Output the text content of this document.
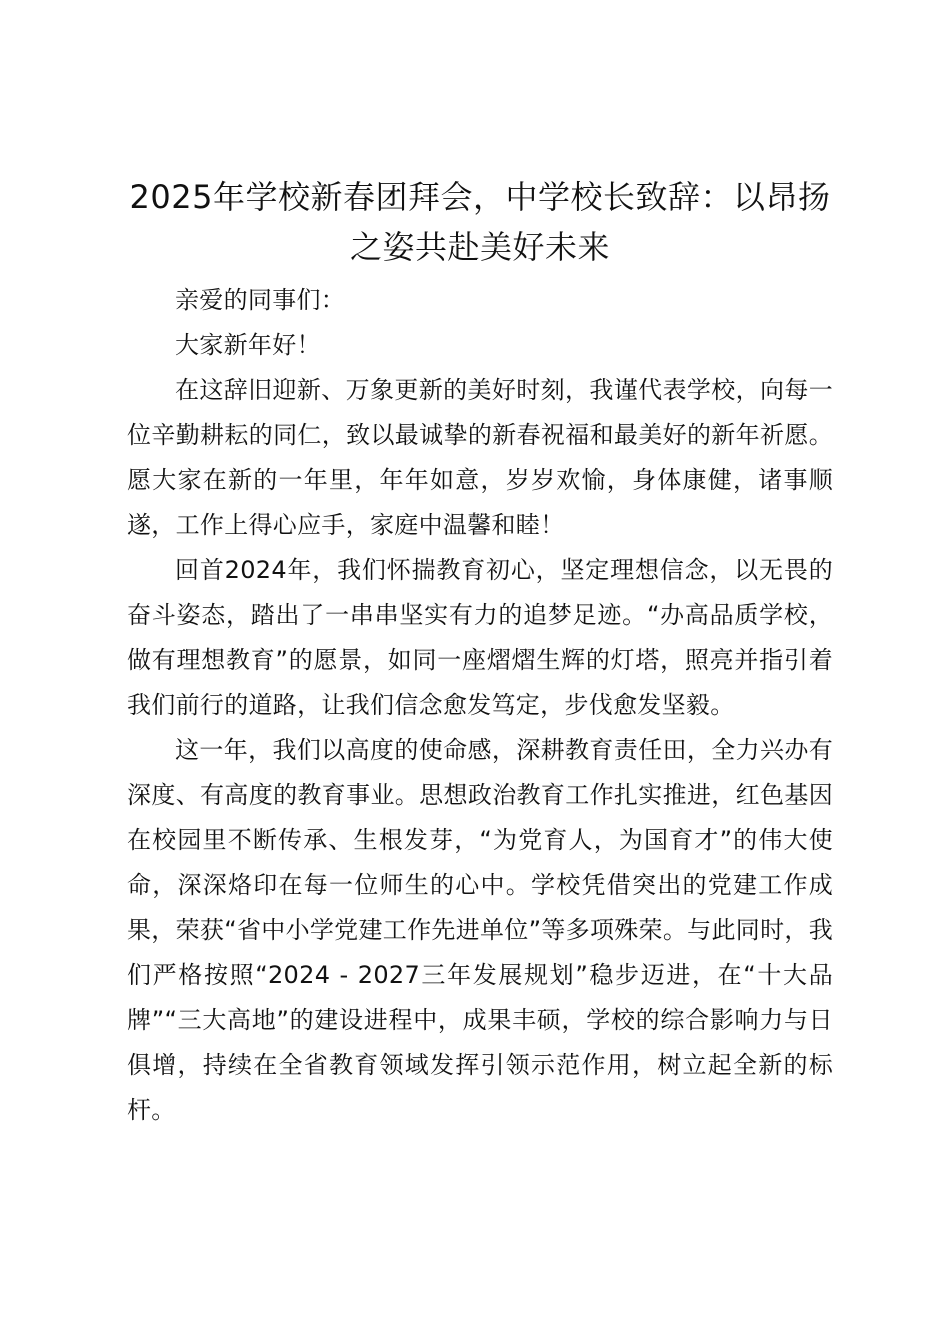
2025年学校新春团拜会，中学校长致辞：以昂扬之姿共赴美好未来

亲爱的同事们：

大家新年好！

在这辞旧迎新、万象更新的美好时刻，我谨代表学校，向每一位辛勤耕耘的同仁，致以最诚挚的新春祝福和最美好的新年祈愿。愿大家在新的一年里，年年如意，岁岁欢愉，身体康健，诸事顺遂，工作上得心应手，家庭中温馨和睦！

回首2024年，我们怀揣教育初心，坚定理想信念，以无畏的奋斗姿态，踏出了一串串坚实有力的追梦足迹。“办高品质学校，做有理想教育”的愿景，如同一座熠熠生辉的灯塔，照亮并指引着我们前行的道路，让我们信念愈发笃定，步伐愈发坚毅。

这一年，我们以高度的使命感，深耕教育责任田，全力兴办有深度、有高度的教育事业。思想政治教育工作扎实推进，红色基因在校园里不断传承、生根发芽，“为党育人，为国育才”的伟大使命，深深烙印在每一位师生的心中。学校凭借突出的党建工作成果，荣获“省中小学党建工作先进单位”等多项殊荣。与此同时，我们严格按照“2024 - 2027三年发展规划”稳步迈进，在“十大品牌”“三大高地”的建设进程中，成果丰硕，学校的综合影响力与日俱增，持续在全省教育领域发挥引领示范作用，树立起全新的标杆。
